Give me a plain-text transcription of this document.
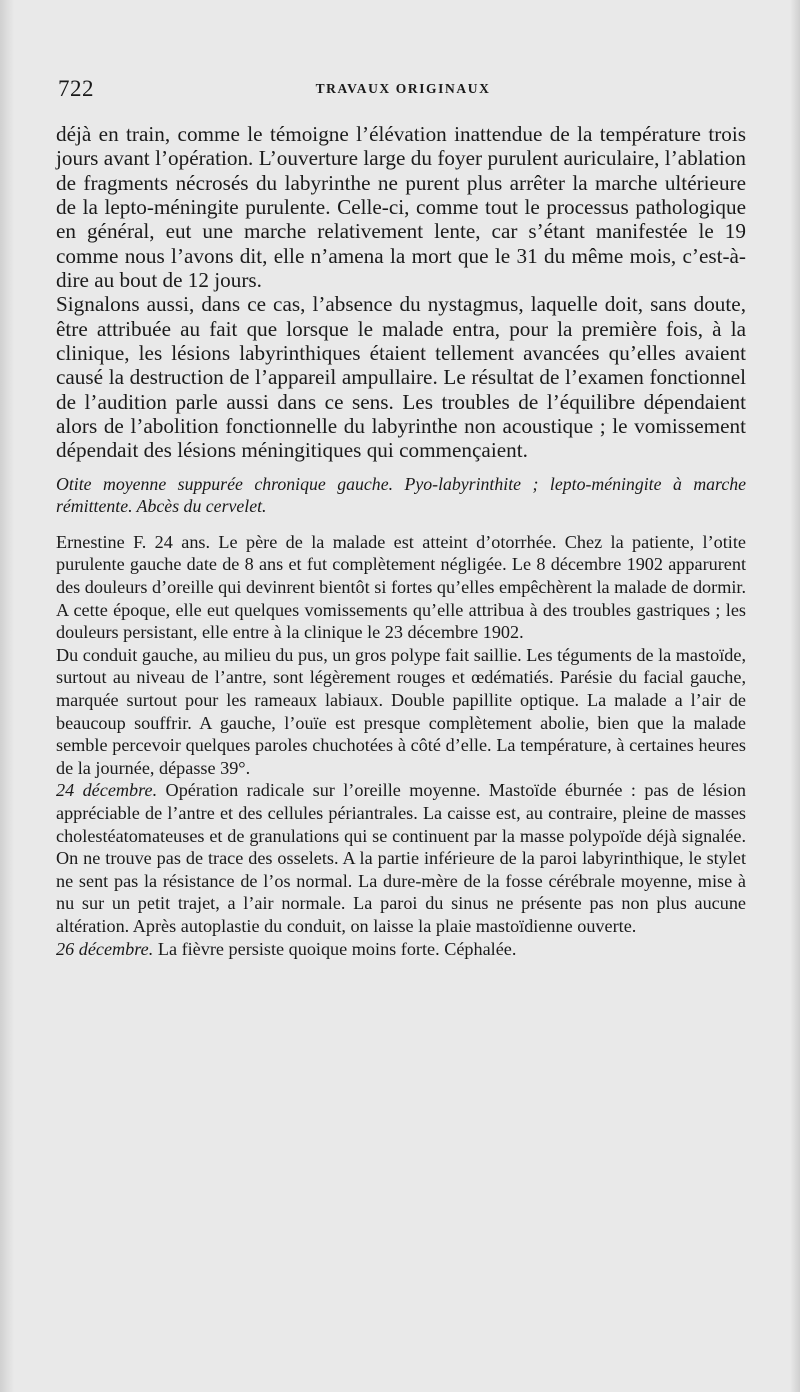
722	TRAVAUX ORIGINAUX

déjà en train, comme le témoigne l’élévation inattendue de la température trois jours avant l’opération. L’ouverture large du foyer purulent auriculaire, l’ablation de fragments nécrosés du labyrinthe ne purent plus arrêter la marche ultérieure de la lepto-méningite purulente. Celle-ci, comme tout le processus pathologique en général, eut une marche relativement lente, car s’étant manifestée le 19 comme nous l’avons dit, elle n’amena la mort que le 31 du même mois, c’est-à-dire au bout de 12 jours.

Signalons aussi, dans ce cas, l’absence du nystagmus, laquelle doit, sans doute, être attribuée au fait que lorsque le malade entra, pour la première fois, à la clinique, les lésions labyrinthiques étaient tellement avancées qu’elles avaient causé la destruction de l’appareil ampullaire. Le résultat de l’examen fonctionnel de l’audition parle aussi dans ce sens. Les troubles de l’équilibre dépendaient alors de l’abolition fonctionnelle du labyrinthe non acoustique ; le vomissement dépendait des lésions méningitiques qui commençaient.

Otite moyenne suppurée chronique gauche. Pyo-labyrinthite ; lepto-méningite à marche rémittente. Abcès du cervelet.

Ernestine F. 24 ans. Le père de la malade est atteint d’otorrhée. Chez la patiente, l’otite purulente gauche date de 8 ans et fut complètement négligée. Le 8 décembre 1902 apparurent des douleurs d’oreille qui devinrent bientôt si fortes qu’elles empêchèrent la malade de dormir. A cette époque, elle eut quelques vomissements qu’elle attribua à des troubles gastriques ; les douleurs persistant, elle entre à la clinique le 23 décembre 1902.

Du conduit gauche, au milieu du pus, un gros polype fait saillie. Les téguments de la mastoïde, surtout au niveau de l’antre, sont légèrement rouges et œdématiés. Parésie du facial gauche, marquée surtout pour les rameaux labiaux. Double papillite optique. La malade a l’air de beaucoup souffrir. A gauche, l’ouïe est presque complètement abolie, bien que la malade semble percevoir quelques paroles chuchotées à côté d’elle. La température, à certaines heures de la journée, dépasse 39°.

24 décembre. Opération radicale sur l’oreille moyenne. Mastoïde éburnée : pas de lésion appréciable de l’antre et des cellules périantrales. La caisse est, au contraire, pleine de masses cholestéatomateuses et de granulations qui se continuent par la masse polypoïde déjà signalée. On ne trouve pas de trace des osselets. A la partie inférieure de la paroi labyrinthique, le stylet ne sent pas la résistance de l’os normal. La dure-mère de la fosse cérébrale moyenne, mise à nu sur un petit trajet, a l’air normale. La paroi du sinus ne présente pas non plus aucune altération. Après autoplastie du conduit, on laisse la plaie mastoïdienne ouverte.

26 décembre. La fièvre persiste quoique moins forte. Céphalée.
